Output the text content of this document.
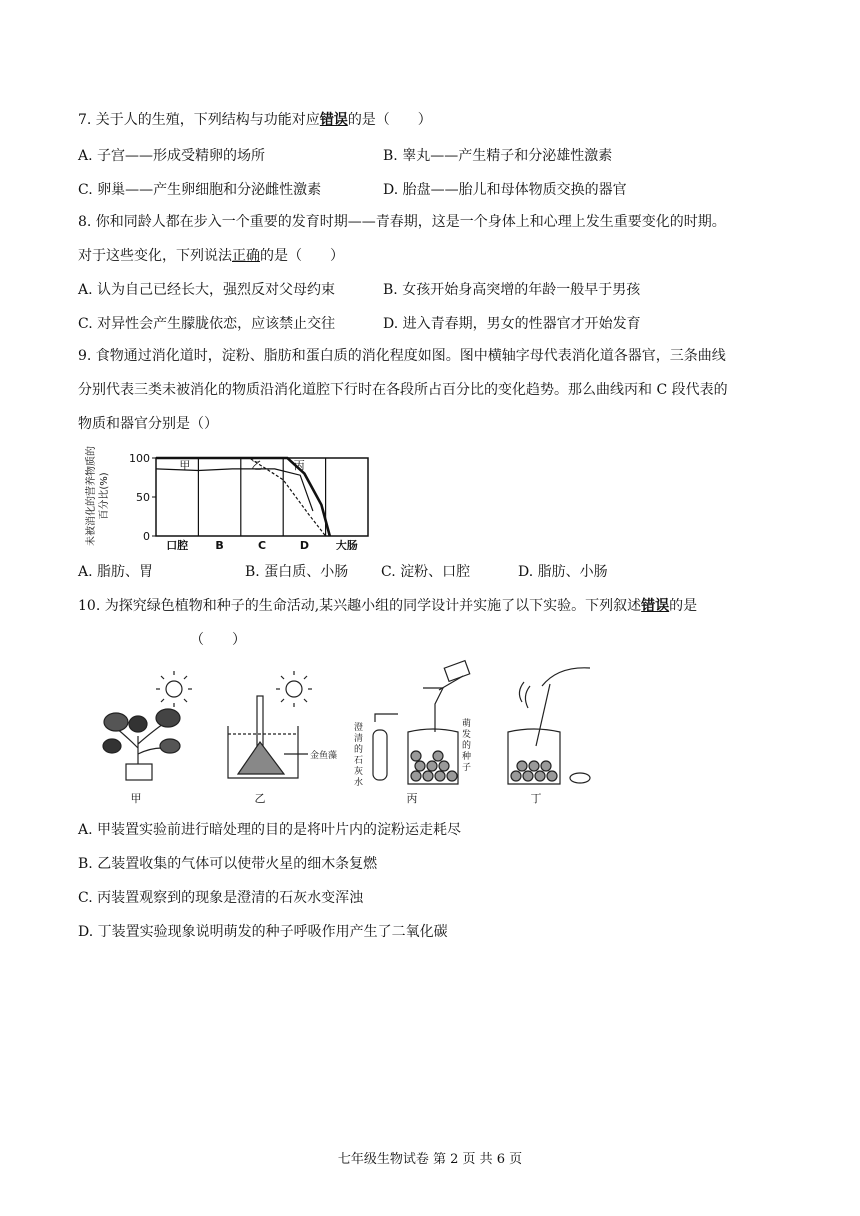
7. 关于人的生殖，下列结构与功能对应错误的是（　　）
A. 子宫——形成受精卵的场所	B. 睾丸——产生精子和分泌雄性激素
C. 卵巢——产生卵细胞和分泌雌性激素	D. 胎盘——胎儿和母体物质交换的器官
8. 你和同龄人都在步入一个重要的发育时期——青春期，这是一个身体上和心理上发生重要变化的时期。
对于这些变化，下列说法正确的是（　　）
A. 认为自己已经长大，强烈反对父母约束	B. 女孩开始身高突增的年龄一般早于男孩
C. 对异性会产生朦胧依恋，应该禁止交往	D. 进入青春期，男女的性器官才开始发育
9. 食物通过消化道时，淀粉、脂肪和蛋白质的消化程度如图。图中横轴字母代表消化道各器官，三条曲线
分别代表三类未被消化的物质沿消化道腔下行时在各段所占百分比的变化趋势。那么曲线丙和 C 段代表的
物质和器官分别是（）
未被消化的营养物质的 百分比(%)
100
50
0
口腔 B	C	D 大肠
甲	乙	丙
A. 脂肪、胃	B. 蛋白质、小肠 C. 淀粉、口腔	D. 脂肪、小肠
10. 为探究绿色植物和种子的生命活动,某兴趣小组的同学设计并实施了以下实验。下列叙述错误的是
（　　）
金鱼藻
澄清的石灰水
萌发的种子
甲	乙	丙	丁
A. 甲装置实验前进行暗处理的目的是将叶片内的淀粉运走耗尽
B. 乙装置收集的气体可以使带火星的细木条复燃
C. 丙装置观察到的现象是澄清的石灰水变浑浊
D. 丁装置实验现象说明萌发的种子呼吸作用产生了二氧化碳
七年级生物试卷 第 2 页 共 6 页
